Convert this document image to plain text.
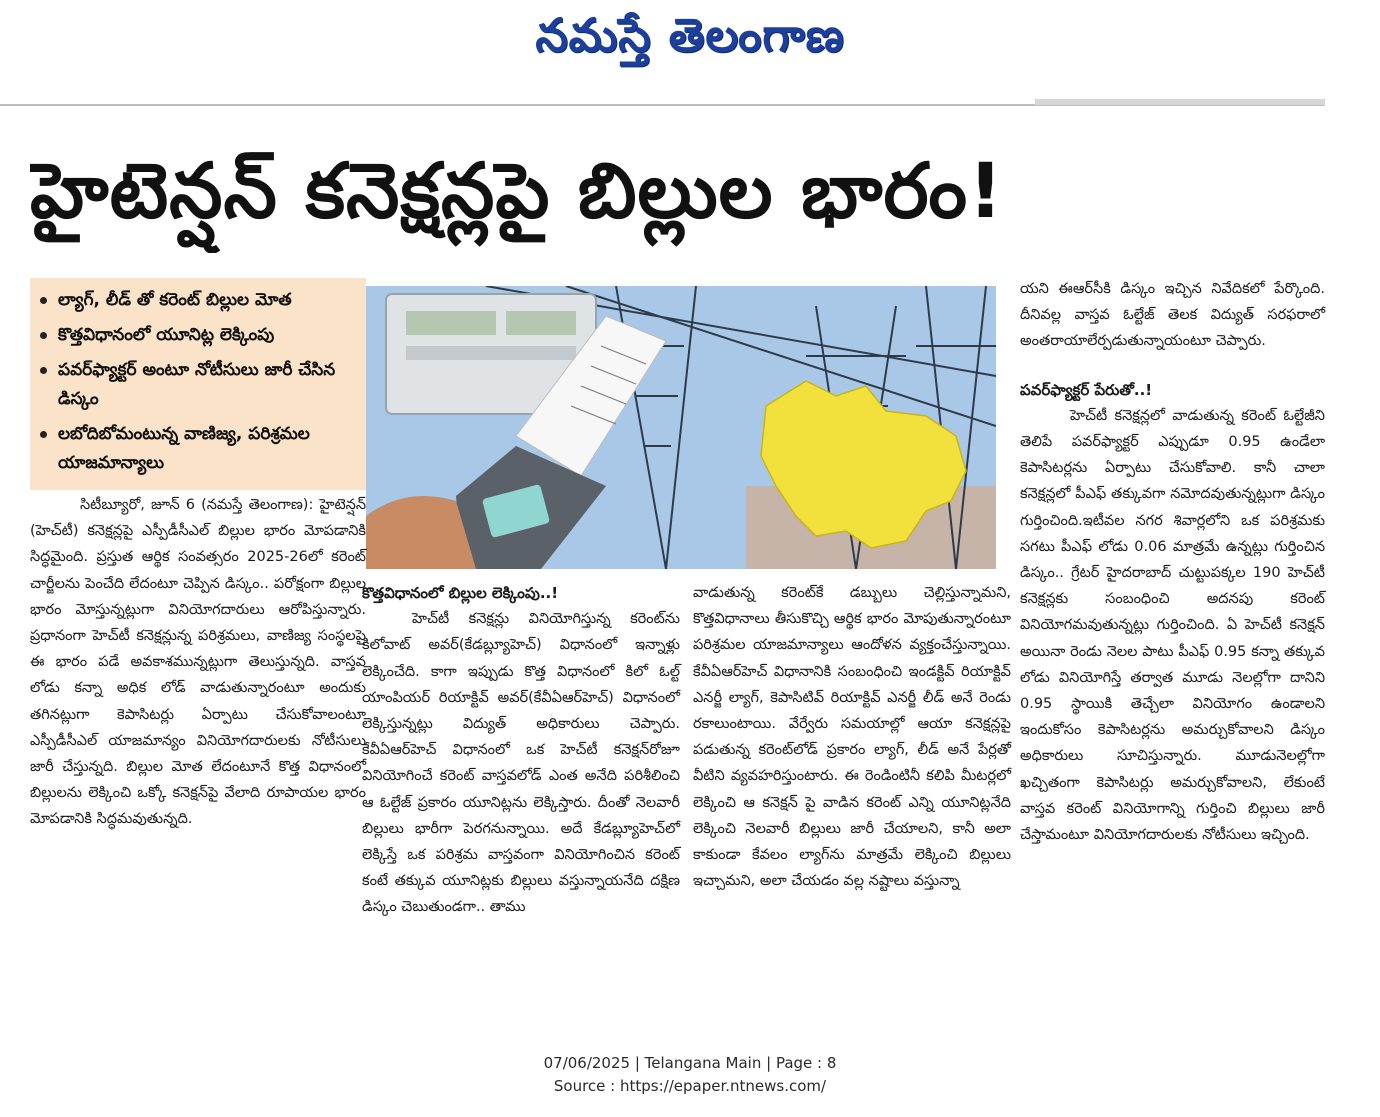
నమస్తే తెలంగాణ
హైటెన్షన్ కనెక్షన్లపై బిల్లుల భారం!
ల్యాగ్, లీడ్ తో కరెంట్ బిల్లుల మోత
కొత్తవిధానంలో యూనిట్ల లెక్కింపు
పవర్‌ఫ్యాక్టర్ అంటూ నోటీసులు జారీ చేసిన డిస్కం
లబోదిబోమంటున్న వాణిజ్య, పరిశ్రమల యాజమాన్యాలు

సిటీబ్యూరో, జూన్ 6 (నమస్తే తెలంగాణ): హైటెన్షన్ (హెచ్‌టీ) కనెక్షన్లపై ఎస్పీడీసీఎల్ బిల్లుల భారం మోపడానికి సిద్ధమైంది. ప్రస్తుత ఆర్థిక సంవత్సరం 2025-26లో కరెంట్ చార్జీలను పెంచేది లేదంటూ చెప్పిన డిస్కం.. పరోక్షంగా బిల్లుల భారం మోస్తున్నట్లుగా వినియోగదారులు ఆరోపిస్తున్నారు. ప్రధానంగా హెచ్‌టీ కనెక్షన్లున్న పరిశ్రమలు, వాణిజ్య సంస్థలపై ఈ భారం పడే అవకాశమున్నట్లుగా తెలుస్తున్నది. వాస్తవ లోడు కన్నా అధిక లోడ్ వాడుతున్నారంటూ అందుకు తగినట్లుగా కెపాసిటర్లు ఏర్పాటు చేసుకోవాలంటూ ఎస్పీడీసీఎల్ యాజమాన్యం వినియోగదారులకు నోటీసులు జారీ చేస్తున్నది. బిల్లుల మోత లేదంటూనే కొత్త విధానంలో బిల్లులను లెక్కించి ఒక్కో కనెక్షన్‌పై వేలాది రూపాయల భారం మోపడానికి సిద్ధమవుతున్నది.

కొత్తవిధానంలో బిల్లుల లెక్కింపు..!

హెచ్‌టీ కనెక్షన్లు వినియోగిస్తున్న కరెంట్‌ను కిలోవాట్ అవర్(కేడబ్ల్యూహెచ్) విధానంలో ఇన్నాళ్లు లెక్కించేది. కాగా ఇప్పుడు కొత్త విధానంలో కిలో ఓల్ట్ యాంపియర్ రియాక్టివ్ అవర్(కేవీఏఆర్‌హెచ్) విధానంలో లెక్కిస్తున్నట్లు విద్యుత్ అధికారులు చెప్పారు. కేవీఏఆర్‌హెచ్ విధానంలో ఒక హెచ్‌టీ కనెక్షన్‌రోజూ వినియోగించే కరెంట్ వాస్తవలోడ్ ఎంత అనేది పరిశీలించి ఆ ఓల్టేజ్ ప్రకారం యూనిట్లను లెక్కిస్తారు. దీంతో నెలవారీ బిల్లులు భారీగా పెరగనున్నాయి. అదే కేడబ్ల్యూహెచ్‌లో లెక్కిస్తే ఒక పరిశ్రమ వాస్తవంగా వినియోగించిన కరెంట్ కంటే తక్కువ యూనిట్లకు బిల్లులు వస్తున్నాయనేది దక్షిణ డిస్కం చెబుతుండగా.. తాము

వాడుతున్న కరెంట్‌కే డబ్బులు చెల్లిస్తున్నామని, కొత్తవిధానాలు తీసుకొచ్చి ఆర్థిక భారం మోపుతున్నారంటూ పరిశ్రమల యాజమాన్యాలు ఆందోళన వ్యక్తంచేస్తున్నాయి. కేవీఏఆర్‌హెచ్ విధానానికి సంబంధించి ఇండక్టివ్ రియాక్టివ్ ఎనర్జీ ల్యాగ్, కెపాసిటివ్ రియాక్టివ్ ఎనర్జీ లీడ్ అనే రెండు రకాలుంటాయి. వేర్వేరు సమయాల్లో ఆయా కనెక్షన్లపై పడుతున్న కరెంట్‌లోడ్ ప్రకారం ల్యాగ్, లీడ్ అనే పేర్లతో వీటిని వ్యవహరిస్తుంటారు. ఈ రెండింటినీ కలిపి మీటర్లలో లెక్కించి ఆ కనెక్షన్ పై వాడిన కరెంట్ ఎన్ని యూనిట్లనేది లెక్కించి నెలవారీ బిల్లులు జారీ చేయాలని, కానీ అలా కాకుండా కేవలం ల్యాగ్‌ను మాత్రమే లెక్కించి బిల్లులు ఇచ్చామని, అలా చేయడం వల్ల నష్టాలు వస్తున్నా

యని ఈఆర్‌సీకి డిస్కం ఇచ్చిన నివేదికలో పేర్కొంది. దీనివల్ల వాస్తవ ఓల్టేజ్ తెలక విద్యుత్ సరఫరాలో అంతరాయాలేర్పడుతున్నాయంటూ చెప్పారు.

పవర్‌ఫ్యాక్టర్ పేరుతో..!

హెచ్‌టీ కనెక్షన్లలో వాడుతున్న కరెంట్ ఓల్టేజీని తెలిపే పవర్‌ఫ్యాక్టర్ ఎప్పుడూ 0.95 ఉండేలా కెపాసిటర్లను ఏర్పాటు చేసుకోవాలి. కానీ చాలా కనెక్షన్లలో పీఎఫ్ తక్కువగా నమోదవుతున్నట్లుగా డిస్కం గుర్తించింది.ఇటీవల నగర శివార్లలోని ఒక పరిశ్రమకు సగటు పీఎఫ్ లోడు 0.06 మాత్రమే ఉన్నట్లు గుర్తించిన డిస్కం.. గ్రేటర్ హైదరాబాద్ చుట్టుపక్కల 190 హెచ్‌టీ కనెక్షన్లకు సంబంధించి అదనపు కరెంట్ వినియోగమవుతున్నట్లు గుర్తించింది. ఏ హెచ్‌టీ కనెక్షన్ అయినా రెండు నెలల పాటు పీఎఫ్ 0.95 కన్నా తక్కువ లోడు వినియోగిస్తే తర్వాత మూడు నెలల్లోగా దానిని 0.95 స్థాయికి తెచ్చేలా వినియోగం ఉండాలని ఇందుకోసం కెపాసిటర్లను అమర్చుకోవాలని డిస్కం అధికారులు సూచిస్తున్నారు. మూడునెలల్లోగా ఖచ్చితంగా కెపాసిటర్లు అమర్చుకోవాలని, లేకుంటే వాస్తవ కరెంట్ వినియోగాన్ని గుర్తించి బిల్లులు జారీ చేస్తామంటూ వినియోగదారులకు నోటీసులు ఇచ్చింది.

07/06/2025 | Telangana Main | Page : 8
Source : https://epaper.ntnews.com/
